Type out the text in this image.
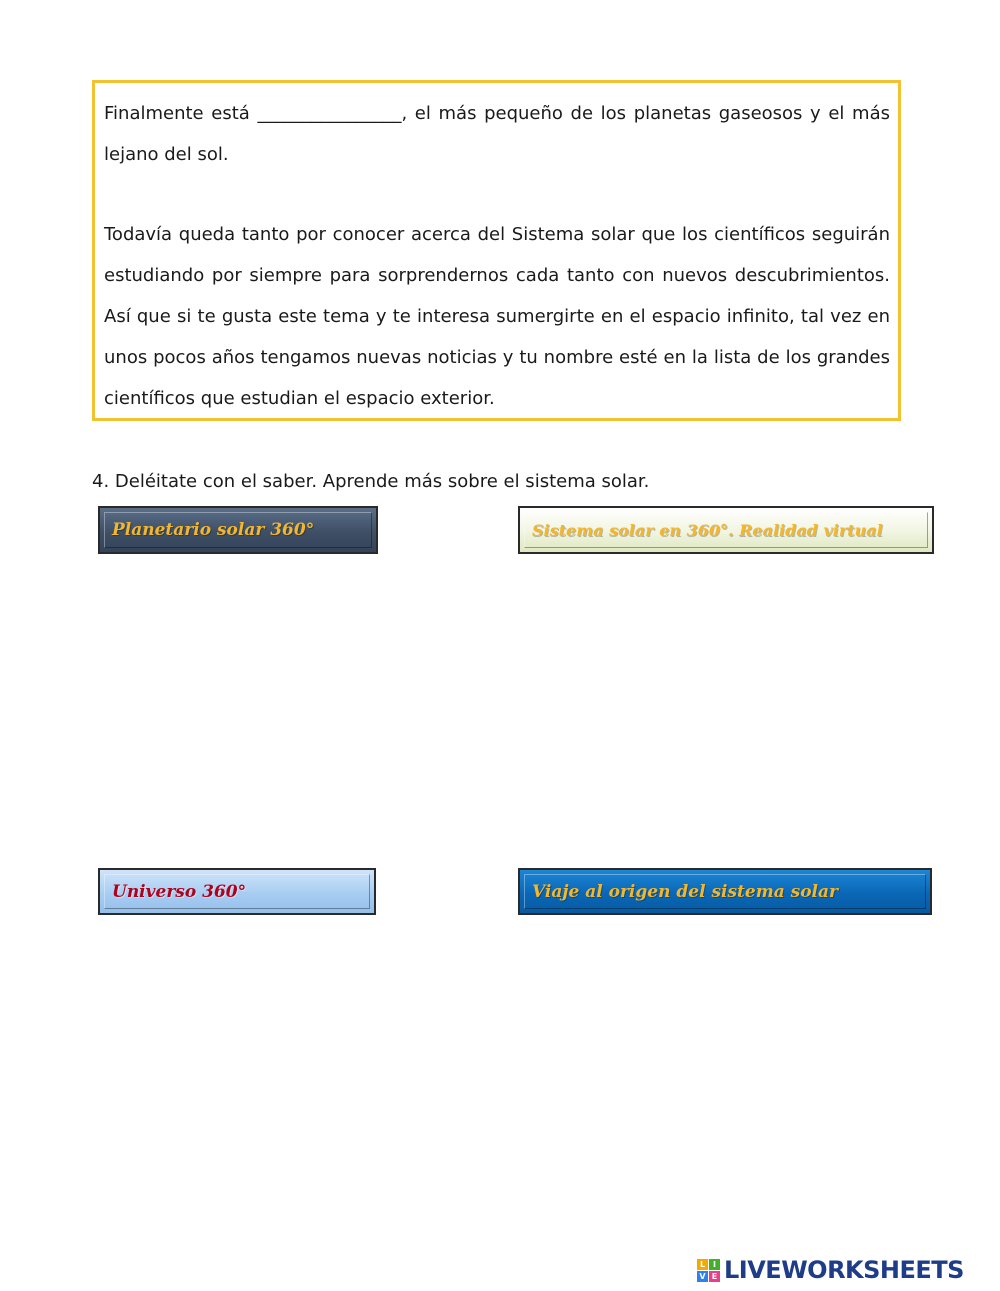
Finalmente está ________________, el más pequeño de los planetas gaseosos y el más lejano del sol.

Todavía queda tanto por conocer acerca del Sistema solar que los científicos seguirán estudiando por siempre para sorprendernos cada tanto con nuevos descubrimientos. Así que si te gusta este tema y te interesa sumergirte en el espacio infinito, tal vez en unos pocos años tengamos nuevas noticias y tu nombre esté en la lista de los grandes científicos que estudian el espacio exterior.

4. Deléitate con el saber. Aprende más sobre el sistema solar.
Planetario solar 360°	Sistema solar en 360°. Realidad virtual
Universo 360°	Viaje al origen del sistema solar
L I
V E LIVEWORKSHEETS
